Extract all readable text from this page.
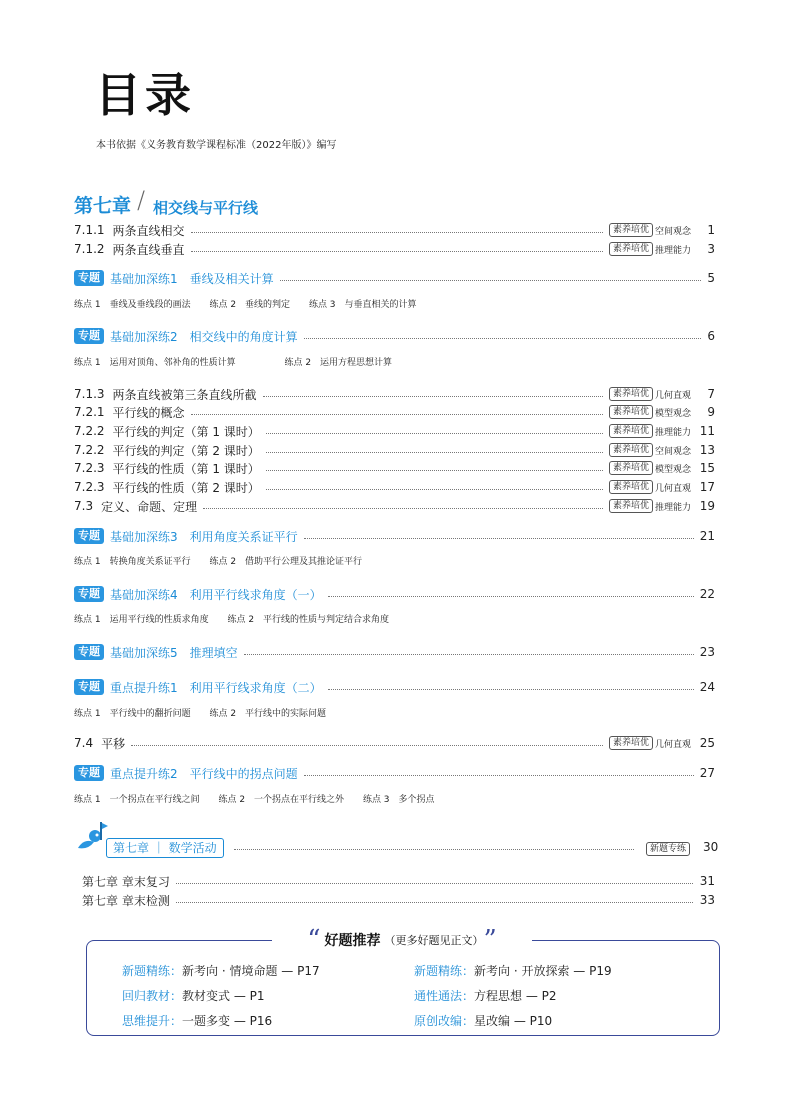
目录
本书依据《义务教育数学课程标准（2022年版）》编写
第七章 / 相交线与平行线
7.1.1 两条直线相交	素养培优 空间观念	1
7.1.2 两条直线垂直	素养培优 推理能力	3
专题 基础加深练1　垂线及相关计算	5
练点 1　垂线及垂线段的画法 练点 2　垂线的判定 练点 3　与垂直相关的计算
专题 基础加深练2　相交线中的角度计算	6
练点 1　运用对顶角、邻补角的性质计算	练点 2　运用方程思想计算
7.1.3 两条直线被第三条直线所截	素养培优 几何直观	7
7.2.1 平行线的概念	素养培优 模型观念	9
7.2.2 平行线的判定（第 1 课时）	素养培优 推理能力 11
7.2.2 平行线的判定（第 2 课时）	素养培优 空间观念 13
7.2.3 平行线的性质（第 1 课时）	素养培优 模型观念 15
7.2.3 平行线的性质（第 2 课时）	素养培优 几何直观 17
7.3 定义、命题、定理	素养培优 推理能力 19
专题 基础加深练3　利用角度关系证平行	21
练点 1　转换角度关系证平行 练点 2　借助平行公理及其推论证平行
专题 基础加深练4　利用平行线求角度（一）	22
练点 1　运用平行线的性质求角度 练点 2　平行线的性质与判定结合求角度
专题 基础加深练5　推理填空	23
专题 重点提升练1　利用平行线求角度（二）	24
练点 1　平行线中的翻折问题 练点 2　平行线中的实际问题
7.4 平移	素养培优 几何直观 25
专题 重点提升练2　平行线中的拐点问题	27
练点 1　一个拐点在平行线之间 练点 2　一个拐点在平行线之外 练点 3　多个拐点
第七章 ｜ 数学活动	新题专练	30
第七章 章末复习	31
第七章 章末检测	33
“ 好题推荐 （更多好题见正文） ”
新题精练：新考向 · 情境命题 — P17	新题精练：新考向 · 开放探索 — P19
回归教材：教材变式 — P1	通性通法：方程思想 — P2
思维提升：一题多变 — P16	原创改编：星改编 — P10
